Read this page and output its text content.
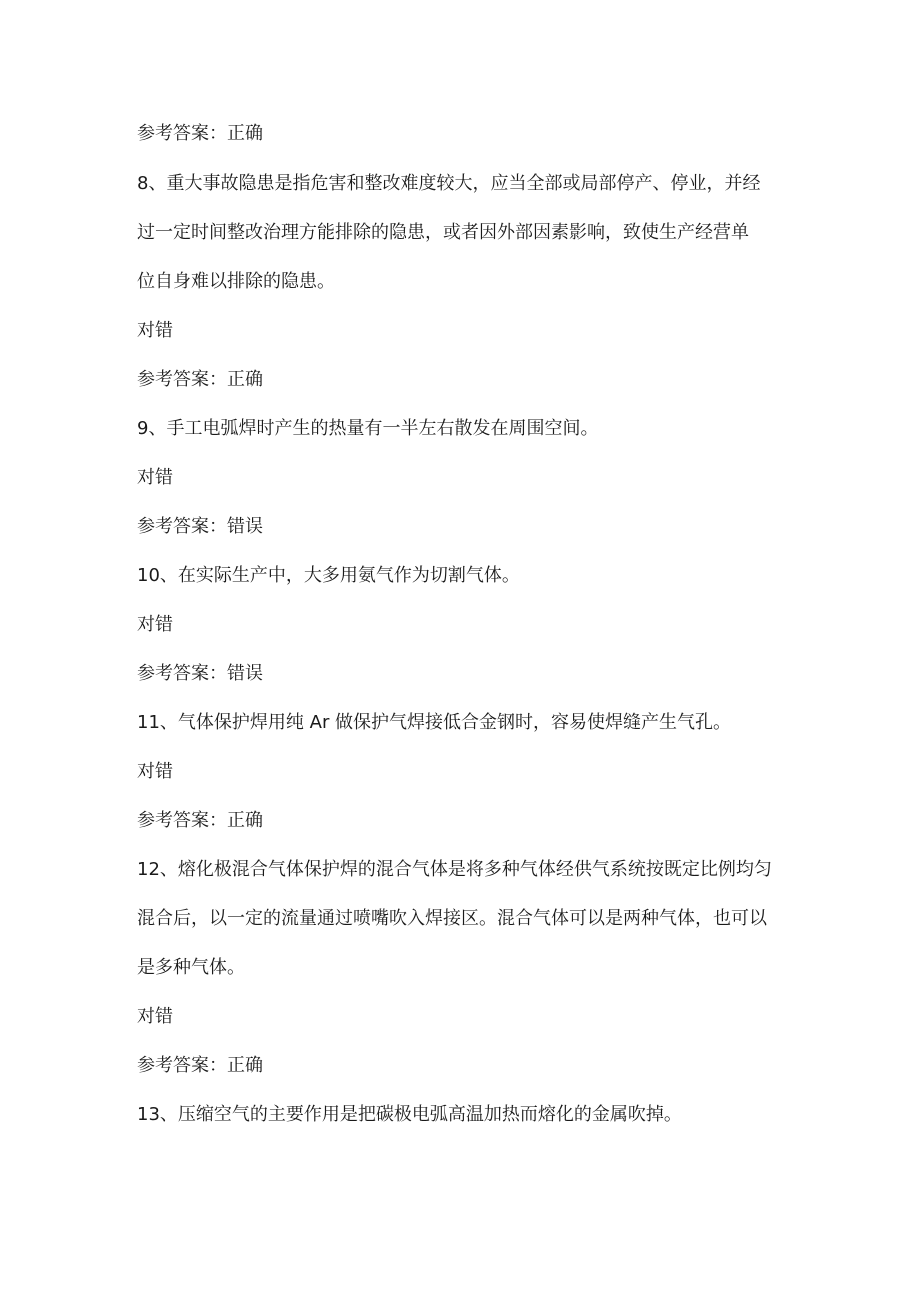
参考答案：正确
8、重大事故隐患是指危害和整改难度较大，应当全部或局部停产、停业，并经
过一定时间整改治理方能排除的隐患，或者因外部因素影响，致使生产经营单
位自身难以排除的隐患。
对错
参考答案：正确
9、手工电弧焊时产生的热量有一半左右散发在周围空间。
对错
参考答案：错误
10、在实际生产中，大多用氨气作为切割气体。
对错
参考答案：错误
11、气体保护焊用纯 Ar 做保护气焊接低合金钢时，容易使焊缝产生气孔。
对错
参考答案：正确
12、熔化极混合气体保护焊的混合气体是将多种气体经供气系统按既定比例均匀
混合后，以一定的流量通过喷嘴吹入焊接区。混合气体可以是两种气体，也可以
是多种气体。
对错
参考答案：正确
13、压缩空气的主要作用是把碳极电弧高温加热而熔化的金属吹掉。
